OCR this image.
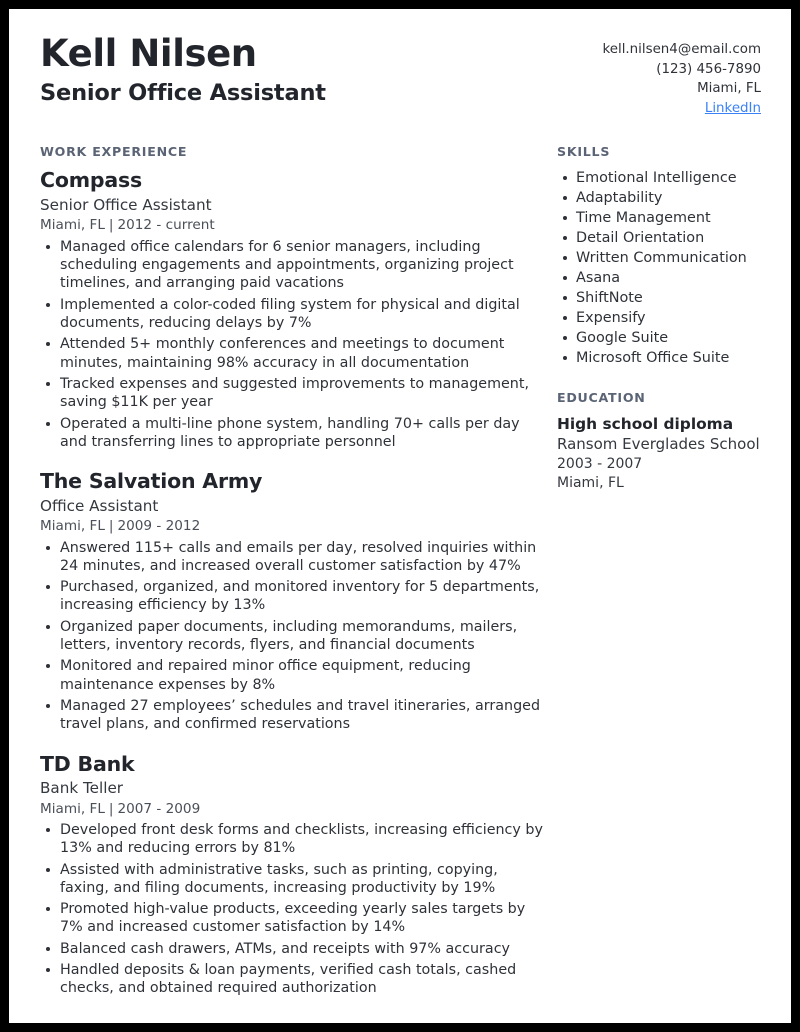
Kell Nilsen
Senior Office Assistant
kell.nilsen4@email.com
(123) 456-7890
Miami, FL
LinkedIn
WORK EXPERIENCE
Compass
Senior Office Assistant
Miami, FL | 2012 - current
Managed office calendars for 6 senior managers, including scheduling engagements and appointments, organizing project timelines, and arranging paid vacations
Implemented a color-coded filing system for physical and digital documents, reducing delays by 7%
Attended 5+ monthly conferences and meetings to document minutes, maintaining 98% accuracy in all documentation
Tracked expenses and suggested improvements to management, saving $11K per year
Operated a multi-line phone system, handling 70+ calls per day and transferring lines to appropriate personnel
The Salvation Army
Office Assistant
Miami, FL | 2009 - 2012
Answered 115+ calls and emails per day, resolved inquiries within 24 minutes, and increased overall customer satisfaction by 47%
Purchased, organized, and monitored inventory for 5 departments, increasing efficiency by 13%
Organized paper documents, including memorandums, mailers, letters, inventory records, flyers, and financial documents
Monitored and repaired minor office equipment, reducing maintenance expenses by 8%
Managed 27 employees’ schedules and travel itineraries, arranged travel plans, and confirmed reservations
TD Bank
Bank Teller
Miami, FL | 2007 - 2009
Developed front desk forms and checklists, increasing efficiency by 13% and reducing errors by 81%
Assisted with administrative tasks, such as printing, copying, faxing, and filing documents, increasing productivity by 19%
Promoted high-value products, exceeding yearly sales targets by 7% and increased customer satisfaction by 14%
Balanced cash drawers, ATMs, and receipts with 97% accuracy
Handled deposits & loan payments, verified cash totals, cashed checks, and obtained required authorization
SKILLS
Emotional Intelligence
Adaptability
Time Management
Detail Orientation
Written Communication
Asana
ShiftNote
Expensify
Google Suite
Microsoft Office Suite
EDUCATION
High school diploma
Ransom Everglades School
2003 - 2007
Miami, FL
